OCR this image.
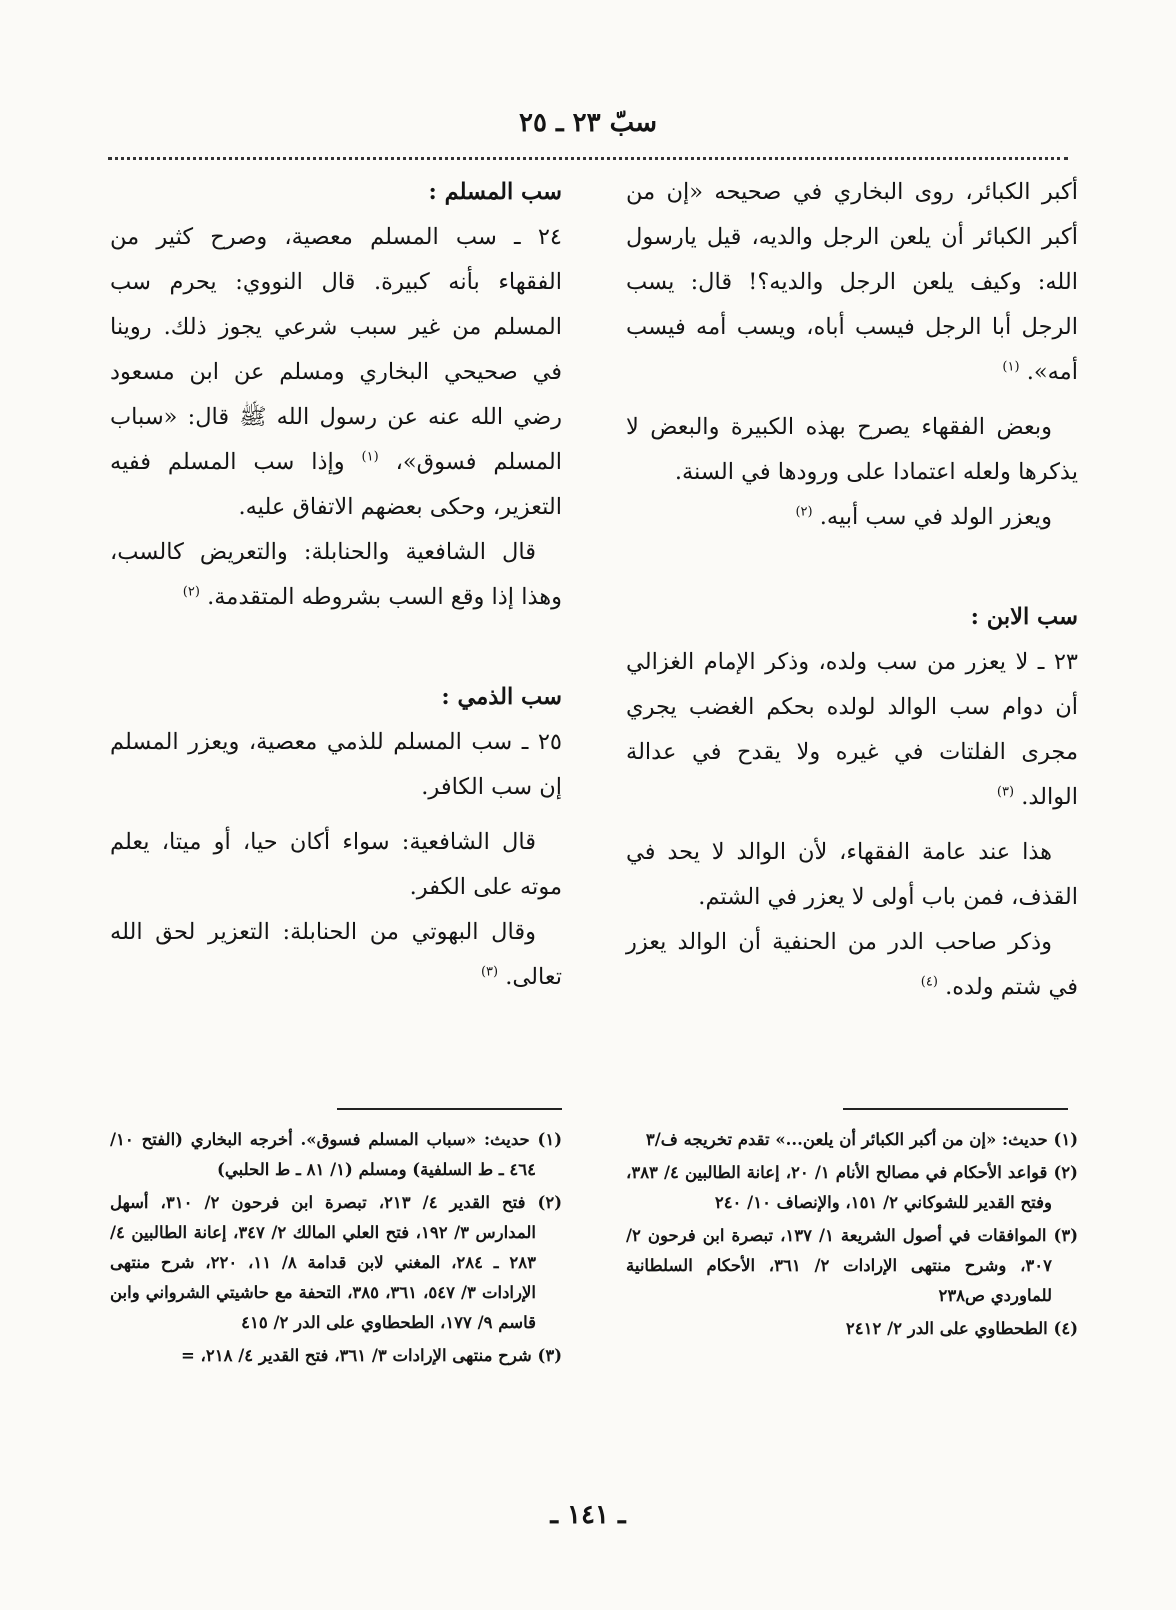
سبّ ٢٣ ـ ٢٥

أكبر الكبائر، روى البخاري في صحيحه «إن من أكبر الكبائر أن يلعن الرجل والديه، قيل يارسول الله: وكيف يلعن الرجل والديه؟! قال: يسب الرجل أبا الرجل فيسب أباه، ويسب أمه فيسب أمه». $^{(١)}$

وبعض الفقهاء يصرح بهذه الكبيرة والبعض لا يذكرها ولعله اعتمادا على ورودها في السنة.

ويعزر الولد في سب أبيه. $^{(٢)}$

سب الابن :

٢٣ ـ لا يعزر من سب ولده، وذكر الإمام الغزالي أن دوام سب الوالد لولده بحكم الغضب يجري مجرى الفلتات في غيره ولا يقدح في عدالة الوالد. $^{(٣)}$

هذا عند عامة الفقهاء، لأن الوالد لا يحد في القذف، فمن باب أولى لا يعزر في الشتم.

وذكر صاحب الدر من الحنفية أن الوالد يعزر في شتم ولده. $^{(٤)}$

سب المسلم :

٢٤ ـ سب المسلم معصية، وصرح كثير من الفقهاء بأنه كبيرة. قال النووي: يحرم سب المسلم من غير سبب شرعي يجوز ذلك. روينا في صحيحي البخاري ومسلم عن ابن مسعود رضي الله عنه عن رسول الله ﷺ قال: «سباب المسلم فسوق»، $^{(١)}$ وإذا سب المسلم ففيه التعزير، وحكى بعضهم الاتفاق عليه.

قال الشافعية والحنابلة: والتعريض كالسب، وهذا إذا وقع السب بشروطه المتقدمة. $^{(٢)}$

سب الذمي :

٢٥ ـ سب المسلم للذمي معصية، ويعزر المسلم إن سب الكافر.

قال الشافعية: سواء أكان حيا، أو ميتا، يعلم موته على الكفر.

وقال البهوتي من الحنابلة: التعزير لحق الله تعالى. $^{(٣)}$

(١) حديث: «إن من أكبر الكبائر أن يلعن...» تقدم تخريجه ف/٣

(٢) قواعد الأحكام في مصالح الأنام ١/ ٢٠، إعانة الطالبين ٤/ ٣٨٣، وفتح القدير للشوكاني ٢/ ١٥١، والإنصاف ١٠/ ٢٤٠

(٣) الموافقات في أصول الشريعة ١/ ١٣٧، تبصرة ابن فرحون ٢/ ٣٠٧، وشرح منتهى الإرادات ٢/ ٣٦١، الأحكام السلطانية للماوردي ص٢٣٨

(٤) الطحطاوي على الدر ٢/ ٢٤١٢

(١) حديث: «سباب المسلم فسوق». أخرجه البخاري (الفتح ١٠/ ٤٦٤ ـ ط السلفية) ومسلم (١/ ٨١ ـ ط الحلبي)

(٢) فتح القدير ٤/ ٢١٣، تبصرة ابن فرحون ٢/ ٣١٠، أسهل المدارس ٣/ ١٩٢، فتح العلي المالك ٢/ ٣٤٧، إعانة الطالبين ٤/ ٢٨٣ ـ ٢٨٤، المغني لابن قدامة ٨/ ١١، ٢٢٠، شرح منتهى الإرادات ٣/ ٥٤٧، ٣٦١، ٣٨٥، التحفة مع حاشيتي الشرواني وابن قاسم ٩/ ١٧٧، الطحطاوي على الدر ٢/ ٤١٥

(٣) شرح منتهى الإرادات ٣/ ٣٦١، فتح القدير ٤/ ٢١٨، =

ـ ١٤١ ـ
